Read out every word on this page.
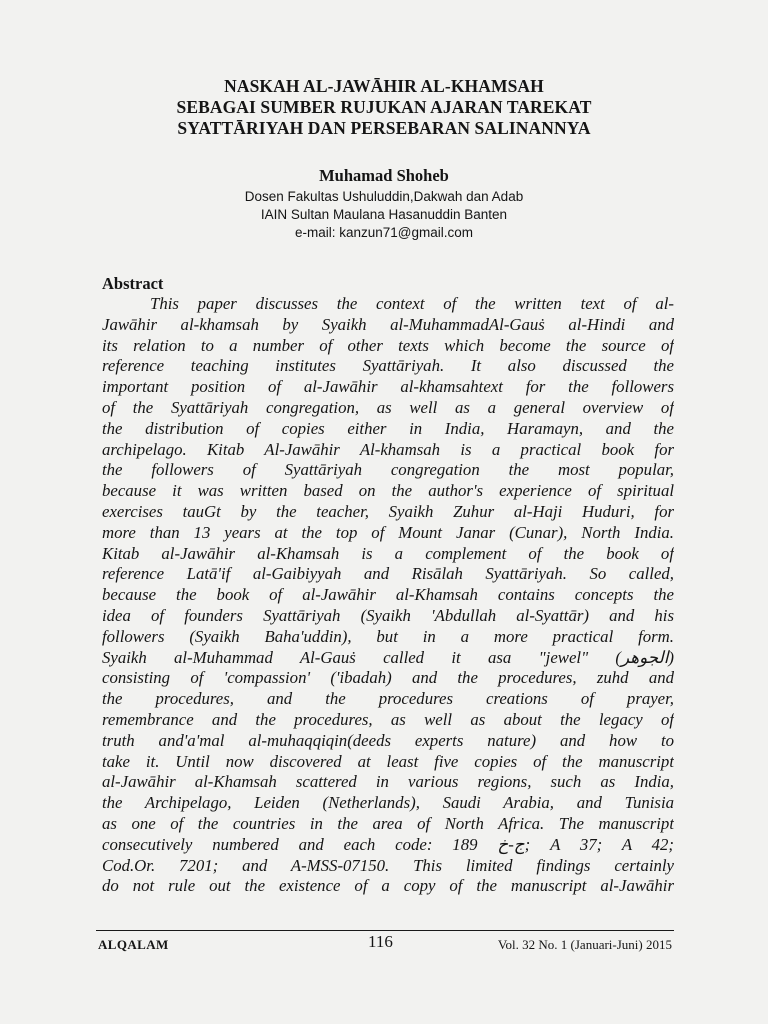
NASKAH AL-JAWĀHIR AL-KHAMSAH
SEBAGAI SUMBER RUJUKAN AJARAN TAREKAT
SYATTĀRIYAH DAN PERSEBARAN SALINANNYA
Muhamad Shoheb
Dosen Fakultas Ushuluddin,Dakwah dan Adab
IAIN Sultan Maulana Hasanuddin Banten
e-mail: kanzun71@gmail.com
Abstract
This paper discusses the context of the written text of al-
Jawāhir al-khamsah by Syaikh al-MuhammadAl-Gauṡ al-Hindi and
its relation to a number of other texts which become the source of
reference teaching institutes Syattāriyah. It also discussed the
important position of al-Jawāhir al-khamsahtext for the followers
of the Syattāriyah congregation, as well as a general overview of
the distribution of copies either in India, Haramayn, and the
archipelago. Kitab Al-Jawāhir Al-khamsah is a practical book for
the followers of Syattāriyah congregation the most popular,
because it was written based on the author's experience of spiritual
exercises tauGt by the teacher, Syaikh Zuhur al-Haji Huduri, for
more than 13 years at the top of Mount Janar (Cunar), North India.
Kitab al-Jawāhir al-Khamsah is a complement of the book of
reference Latā'if al-Gaibiyyah and Risālah Syattāriyah. So called,
because the book of al-Jawāhir al-Khamsah contains concepts the
idea of founders Syattāriyah (Syaikh 'Abdullah al-Syattār) and his
followers (Syaikh Baha'uddin), but in a more practical form.
Syaikh al-Muhammad Al-Gauṡ called it asa "jewel" (الجوهر)
consisting of 'compassion' ('ibadah) and the procedures, zuhd and
the procedures, and the procedures creations of prayer,
remembrance and the procedures, as well as about the legacy of
truth and'a'mal al-muhaqqiqin(deeds experts nature) and how to
take it. Until now discovered at least five copies of the manuscript
al-Jawāhir al-Khamsah scattered in various regions, such as India,
the Archipelago, Leiden (Netherlands), Saudi Arabia, and Tunisia
as one of the countries in the area of North Africa. The manuscript
consecutively numbered and each code: 189 ج-خ; A 37; A 42;
Cod.Or. 7201; and A-MSS-07150. This limited findings certainly
do not rule out the existence of a copy of the manuscript al-Jawāhir
ALQALAM	116	Vol. 32 No. 1 (Januari-Juni) 2015
